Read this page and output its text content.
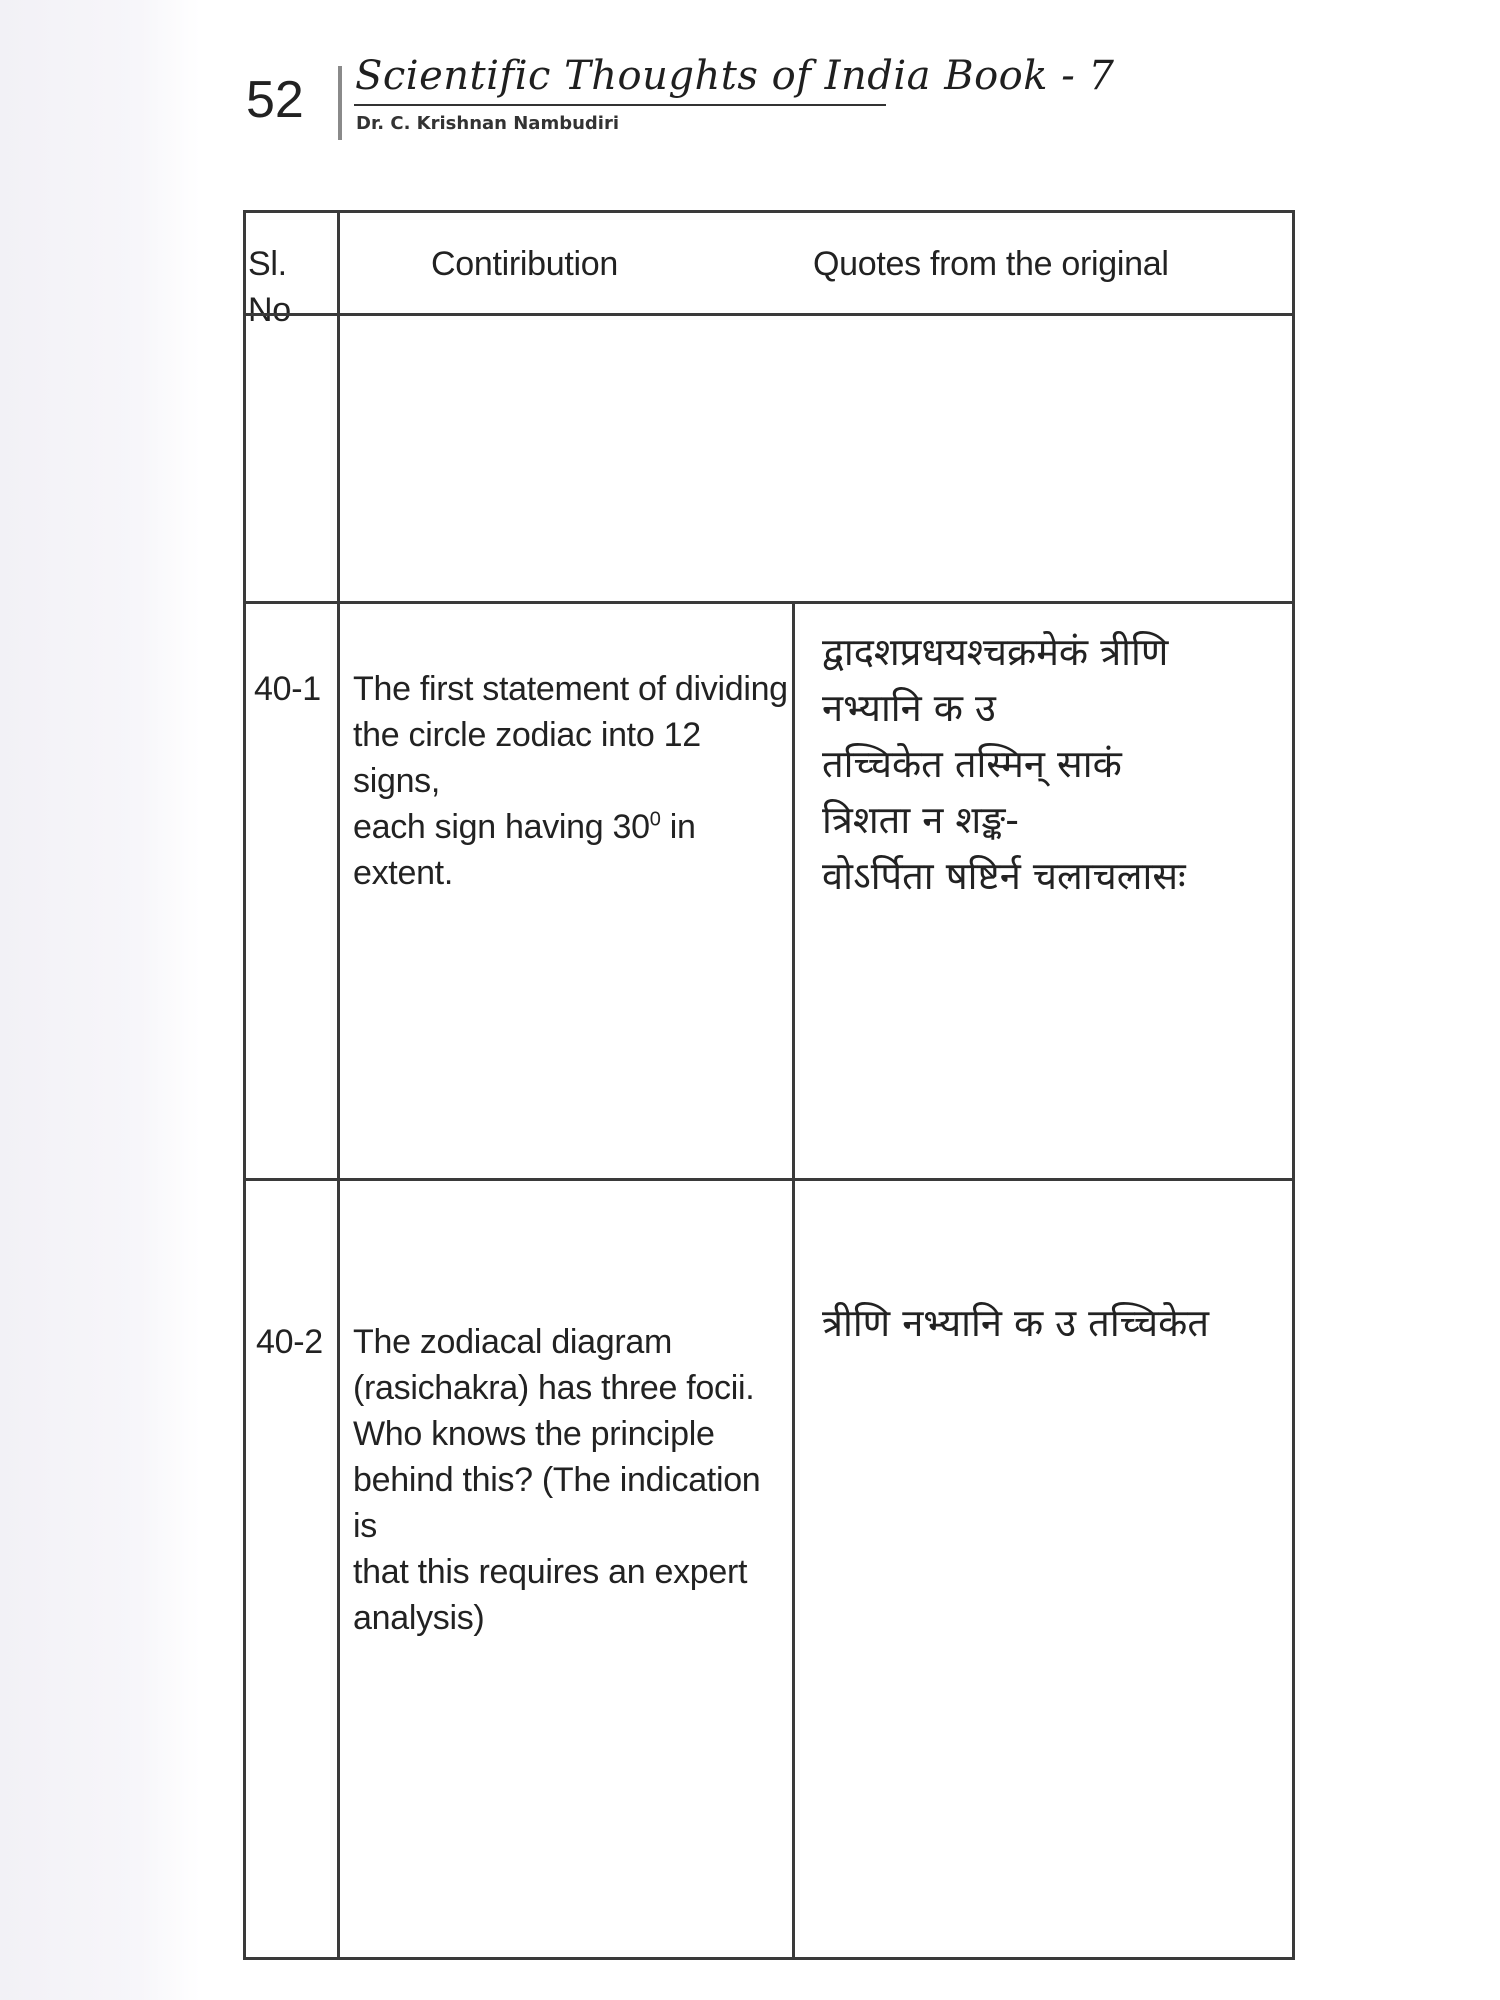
52 Scientific Thoughts of India Book - 7
Dr. C. Krishnan Nambudiri
Sl. No
Contiribution	Quotes from the original
40-1 The first statement of dividing
the circle zodiac into 12 signs,
each sign having $30^0$ in extent.
द्वादशप्रधयश्चक्रमेकं त्रीणि
नभ्यानि क उ
तच्चिकेत तस्मिन् साकं
त्रिशता न शङ्क-
वोऽर्पिता षष्टिर्न चलाचलासः
40-2 The zodiacal diagram
(rasichakra) has three focii.
Who knows the principle
behind this? (The indication is
that this requires an expert
analysis)
त्रीणि नभ्यानि क उ तच्चिकेत
